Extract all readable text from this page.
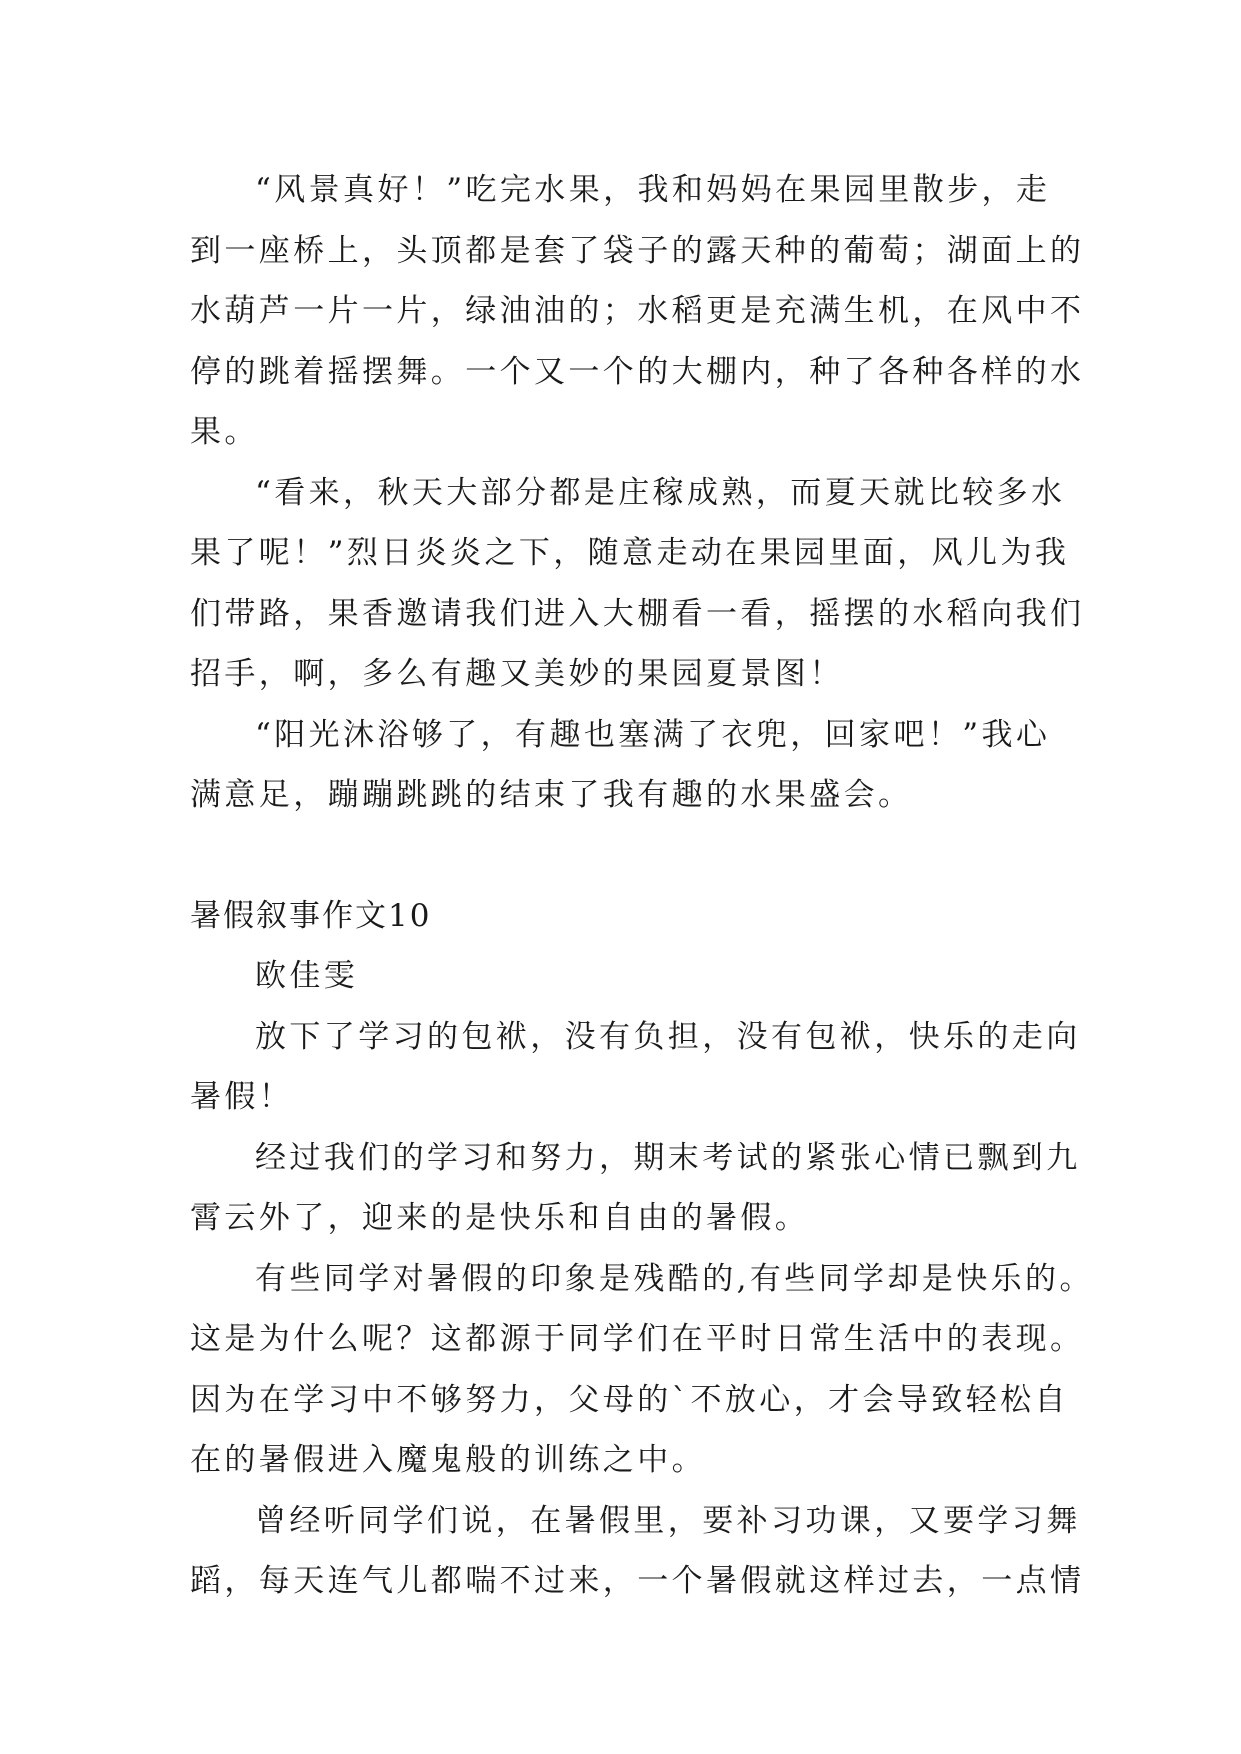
“风景真好！”吃完水果，我和妈妈在果园里散步，走
到一座桥上，头顶都是套了袋子的露天种的葡萄；湖面上的
水葫芦一片一片，绿油油的；水稻更是充满生机，在风中不
停的跳着摇摆舞。一个又一个的大棚内，种了各种各样的水
果。
“看来，秋天大部分都是庄稼成熟，而夏天就比较多水
果了呢！”烈日炎炎之下，随意走动在果园里面，风儿为我
们带路，果香邀请我们进入大棚看一看，摇摆的水稻向我们
招手，啊，多么有趣又美妙的果园夏景图！
“阳光沐浴够了，有趣也塞满了衣兜，回家吧！”我心
满意足，蹦蹦跳跳的结束了我有趣的水果盛会。
暑假叙事作文10
欧佳雯
放下了学习的包袱，没有负担，没有包袱，快乐的走向
暑假！
经过我们的学习和努力，期末考试的紧张心情已飘到九
霄云外了，迎来的是快乐和自由的暑假。
有些同学对暑假的印象是残酷的,有些同学却是快乐的。
这是为什么呢？这都源于同学们在平时日常生活中的表现。
因为在学习中不够努力，父母的`不放心，才会导致轻松自
在的暑假进入魔鬼般的训练之中。
曾经听同学们说，在暑假里，要补习功课，又要学习舞
蹈，每天连气儿都喘不过来，一个暑假就这样过去，一点情
